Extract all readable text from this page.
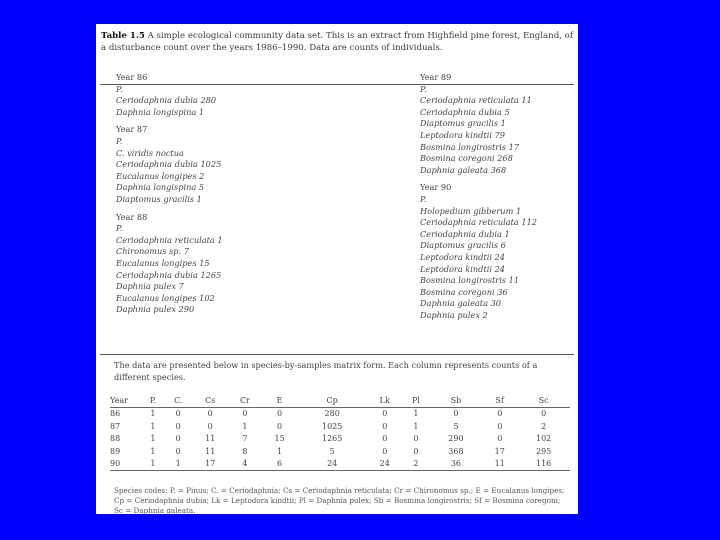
Table 1.5 A simple ecological community data set. This is an extract from Highfield pine forest, England, of a disturbance count over the years 1986–1990. Data are counts of individuals.
Year 86
P.
Ceriodaphnia dubia 280
Daphnia longispina 1
Year 87
P.
C. viridis noctua
Ceriodaphnia dubia 1025
Eucalanus longipes 2
Daphnia longispina 5
Diaptomus gracilis 1
Year 88
P.
Ceriodaphnia reticulata 1
Chironomus sp. 7
Eucalanus longipes 15
Ceriodaphnia dubia 1265
Daphnia pulex 7
Eucalanus longipes 102
Daphnia pulex 290
Year 89
P.
Ceriodaphnia reticulata 11
Ceriodaphnia dubia 5
Diaptomus gracilis 1
Leptodora kindtii 79
Bosmina longirostris 17
Bosmina coregoni 268
Daphnia galeata 368
Year 90
P.
Holopedium gibberum 1
Ceriodaphnia reticulata 112
Ceriodaphnia dubia 1
Diaptomus gracilis 6
Leptodora kindtii 24
Leptodora kindtii 24
Bosmina longirostris 11
Bosmina coregoni 36
Daphnia galeata 30
Daphnia pulex 2
The data are presented below in species-by-samples matrix form. Each column represents counts of a different species.
Year	P.	C.	Cs	Cr	E	Cp	Lk	Pl	Sb	Sf	Sc
86	1	0	0	0	0	280	0	1	0	0	0
87	1	0	0	1	0	1025	0	1	5	0	2
88	1	0	11	7	15	1265	0	0	290	0	102
89	1	0	11	8	1	5	0	0	368	17	295
90	1	1	17	4	6	24	24	2	36	11	116
Species codes: P. = Pinus; C. = Ceriodaphnia; Cs = Ceriodaphnia reticulata; Cr = Chironomus sp.; E = Eucalanus longipes; Cp = Ceriodaphnia dubia; Lk = Leptodora kindtii; Pl = Daphnia pulex; Sb = Bosmina longirostris; Sf = Bosmina coregoni; Sc = Daphnia galeata.
